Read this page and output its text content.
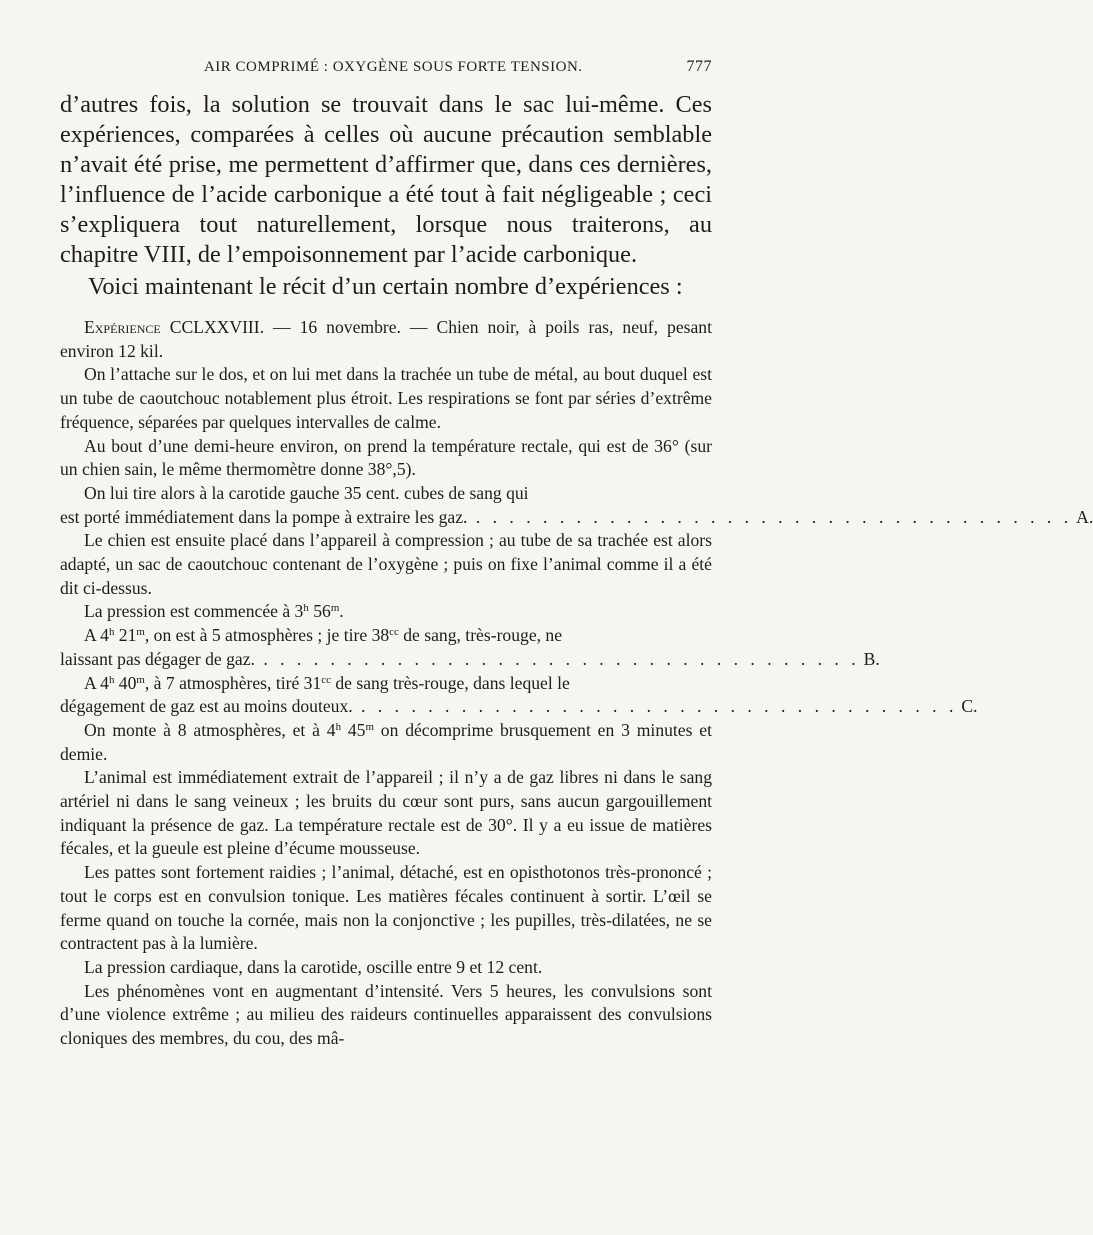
AIR COMPRIMÉ : OXYGÈNE SOUS FORTE TENSION.	777

d’autres fois, la solution se trouvait dans le sac lui-même. Ces expériences, comparées à celles où aucune précaution semblable n’avait été prise, me permettent d’affirmer que, dans ces dernières, l’influence de l’acide carbonique a été tout à fait négligeable ; ceci s’expliquera tout naturellement, lorsque nous traiterons, au chapitre VIII, de l’empoisonnement par l’acide carbonique.

Voici maintenant le récit d’un certain nombre d’expériences :

Expérience CCLXXVIII. — 16 novembre. — Chien noir, à poils ras, neuf, pesant environ 12 kil.

On l’attache sur le dos, et on lui met dans la trachée un tube de métal, au bout duquel est un tube de caoutchouc notablement plus étroit. Les respirations se font par séries d’extrême fréquence, séparées par quelques intervalles de calme.

Au bout d’une demi-heure environ, on prend la température rectale, qui est de 36° (sur un chien sain, le même thermomètre donne 38°,5).

On lui tire alors à la carotide gauche 35 cent. cubes de sang qui

est porté immédiatement dans la pompe à extraire les gaz. . . . . . . . . . . . . . . . . . . . . . . . . . . . . . . . . . . . . A.

Le chien est ensuite placé dans l’appareil à compression ; au tube de sa trachée est alors adapté, un sac de caoutchouc contenant de l’oxygène ; puis on fixe l’animal comme il a été dit ci-dessus.

La pression est commencée à 3$^h$ 56$^m$.

A 4$^h$ 21$^m$, on est à 5 atmosphères ; je tire $38^{cc}$ de sang, très-rouge, ne

laissant pas dégager de gaz. . . . . . . . . . . . . . . . . . . . . . . . . . . . . . . . . . . . . B.

A 4$^h$ 40$^m$, à 7 atmosphères, tiré $31^{cc}$ de sang très-rouge, dans lequel le

dégagement de gaz est au moins douteux. . . . . . . . . . . . . . . . . . . . . . . . . . . . . . . . . . . . . C.

On monte à 8 atmosphères, et à 4$^h$ 45$^m$ on décomprime brusquement en 3 minutes et demie.

L’animal est immédiatement extrait de l’appareil ; il n’y a de gaz libres ni dans le sang artériel ni dans le sang veineux ; les bruits du cœur sont purs, sans aucun gargouillement indiquant la présence de gaz. La température rectale est de 30°. Il y a eu issue de matières fécales, et la gueule est pleine d’écume mousseuse.

Les pattes sont fortement raidies ; l’animal, détaché, est en opisthotonos très-prononcé ; tout le corps est en convulsion tonique. Les matières fécales continuent à sortir. L’œil se ferme quand on touche la cornée, mais non la conjonctive ; les pupilles, très-dilatées, ne se contractent pas à la lumière.

La pression cardiaque, dans la carotide, oscille entre 9 et 12 cent.

Les phénomènes vont en augmentant d’intensité. Vers 5 heures, les convulsions sont d’une violence extrême ; au milieu des raideurs continuelles apparaissent des convulsions cloniques des membres, du cou, des mâ-
